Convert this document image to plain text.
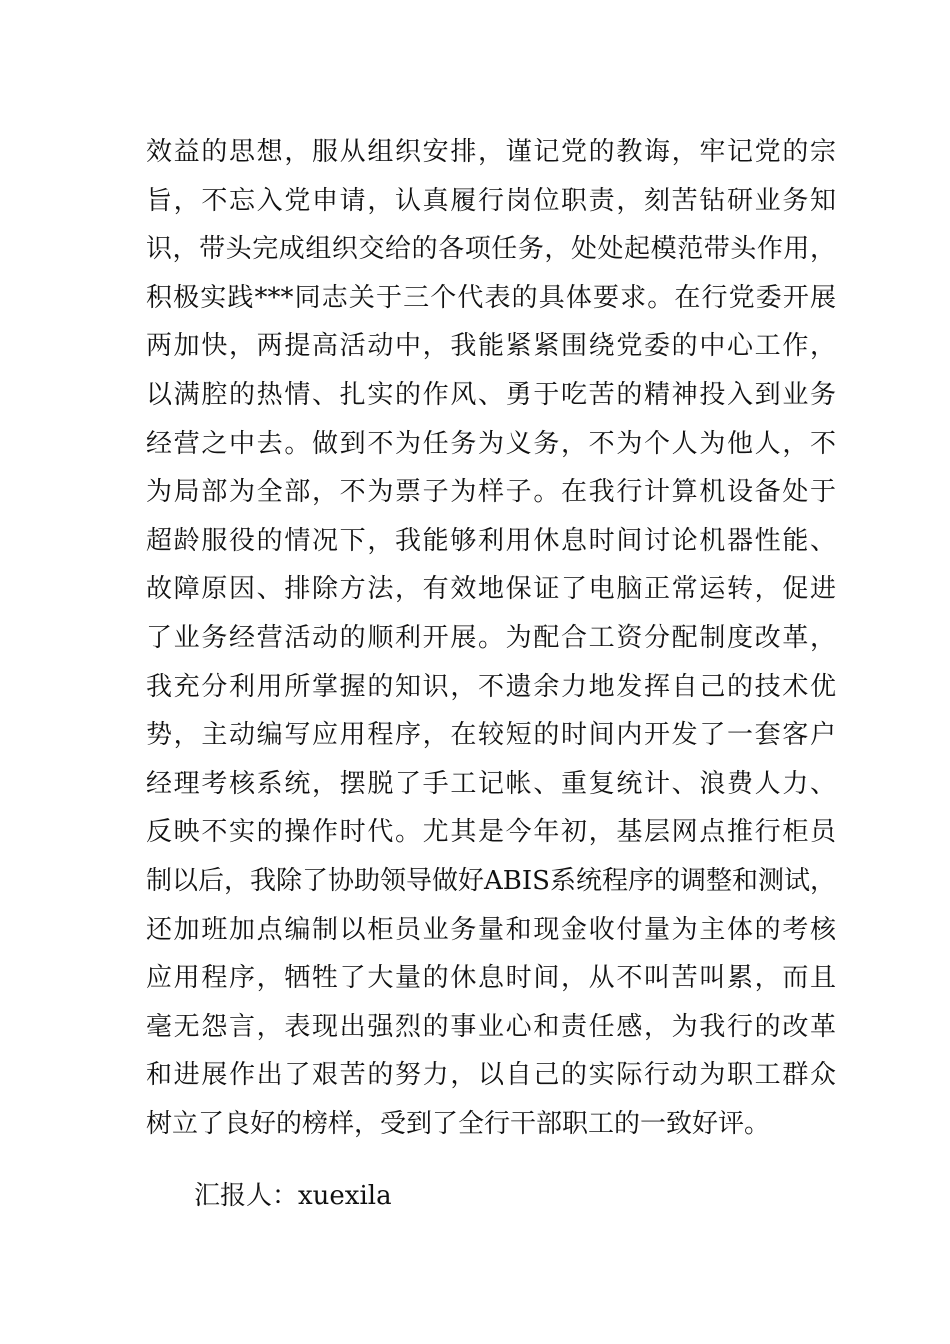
效益的思想，服从组织安排，谨记党的教诲，牢记党的宗
旨，不忘入党申请，认真履行岗位职责，刻苦钻研业务知
识，带头完成组织交给的各项任务，处处起模范带头作用，
积极实践***同志关于三个代表的具体要求。在行党委开展
两加快，两提高活动中，我能紧紧围绕党委的中心工作，
以满腔的热情、扎实的作风、勇于吃苦的精神投入到业务
经营之中去。做到不为任务为义务，不为个人为他人，不
为局部为全部，不为票子为样子。在我行计算机设备处于
超龄服役的情况下，我能够利用休息时间讨论机器性能、
故障原因、排除方法，有效地保证了电脑正常运转，促进
了业务经营活动的顺利开展。为配合工资分配制度改革，
我充分利用所掌握的知识，不遗余力地发挥自己的技术优
势，主动编写应用程序，在较短的时间内开发了一套客户
经理考核系统，摆脱了手工记帐、重复统计、浪费人力、
反映不实的操作时代。尤其是今年初，基层网点推行柜员
制以后，我除了协助领导做好ABIS系统程序的调整和测试，
还加班加点编制以柜员业务量和现金收付量为主体的考核
应用程序，牺牲了大量的休息时间，从不叫苦叫累，而且
毫无怨言，表现出强烈的事业心和责任感，为我行的改革
和进展作出了艰苦的努力，以自己的实际行动为职工群众
树立了良好的榜样，受到了全行干部职工的一致好评。

汇报人：xuexila
